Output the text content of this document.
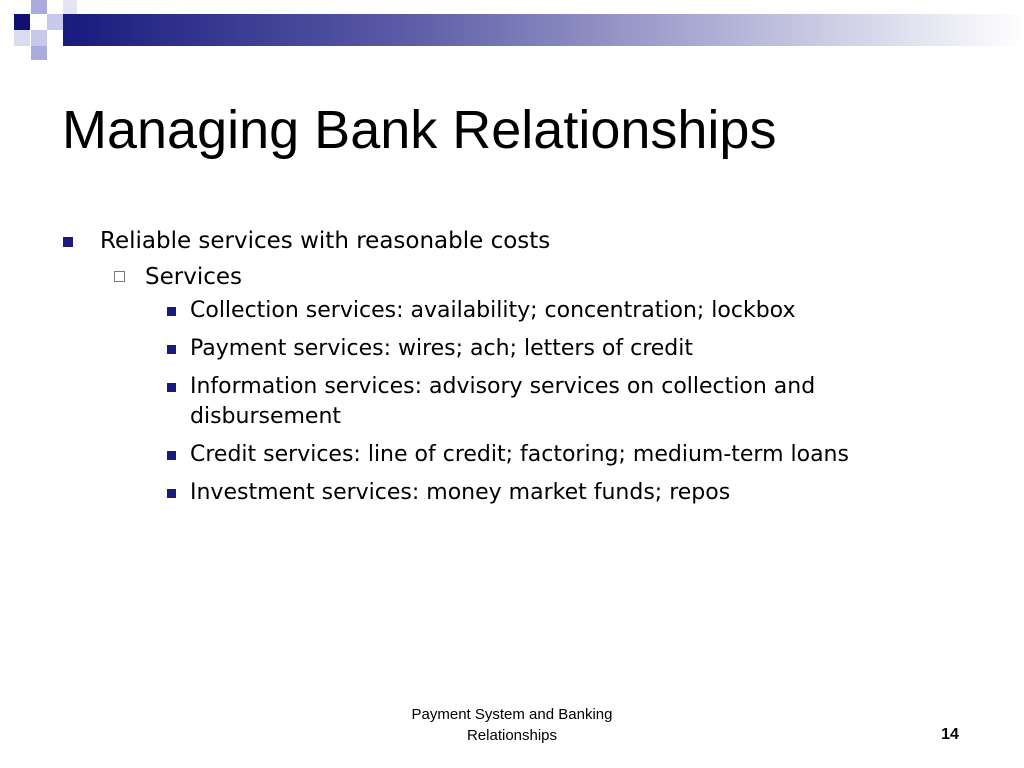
Managing Bank Relationships
Reliable services with reasonable costs
Services
Collection services: availability; concentration; lockbox
Payment services: wires; ach; letters of credit
Information services: advisory services on collection and disbursement
Credit services: line of credit; factoring; medium-term loans
Investment services: money market funds; repos
Payment System and Banking
Relationships	14
